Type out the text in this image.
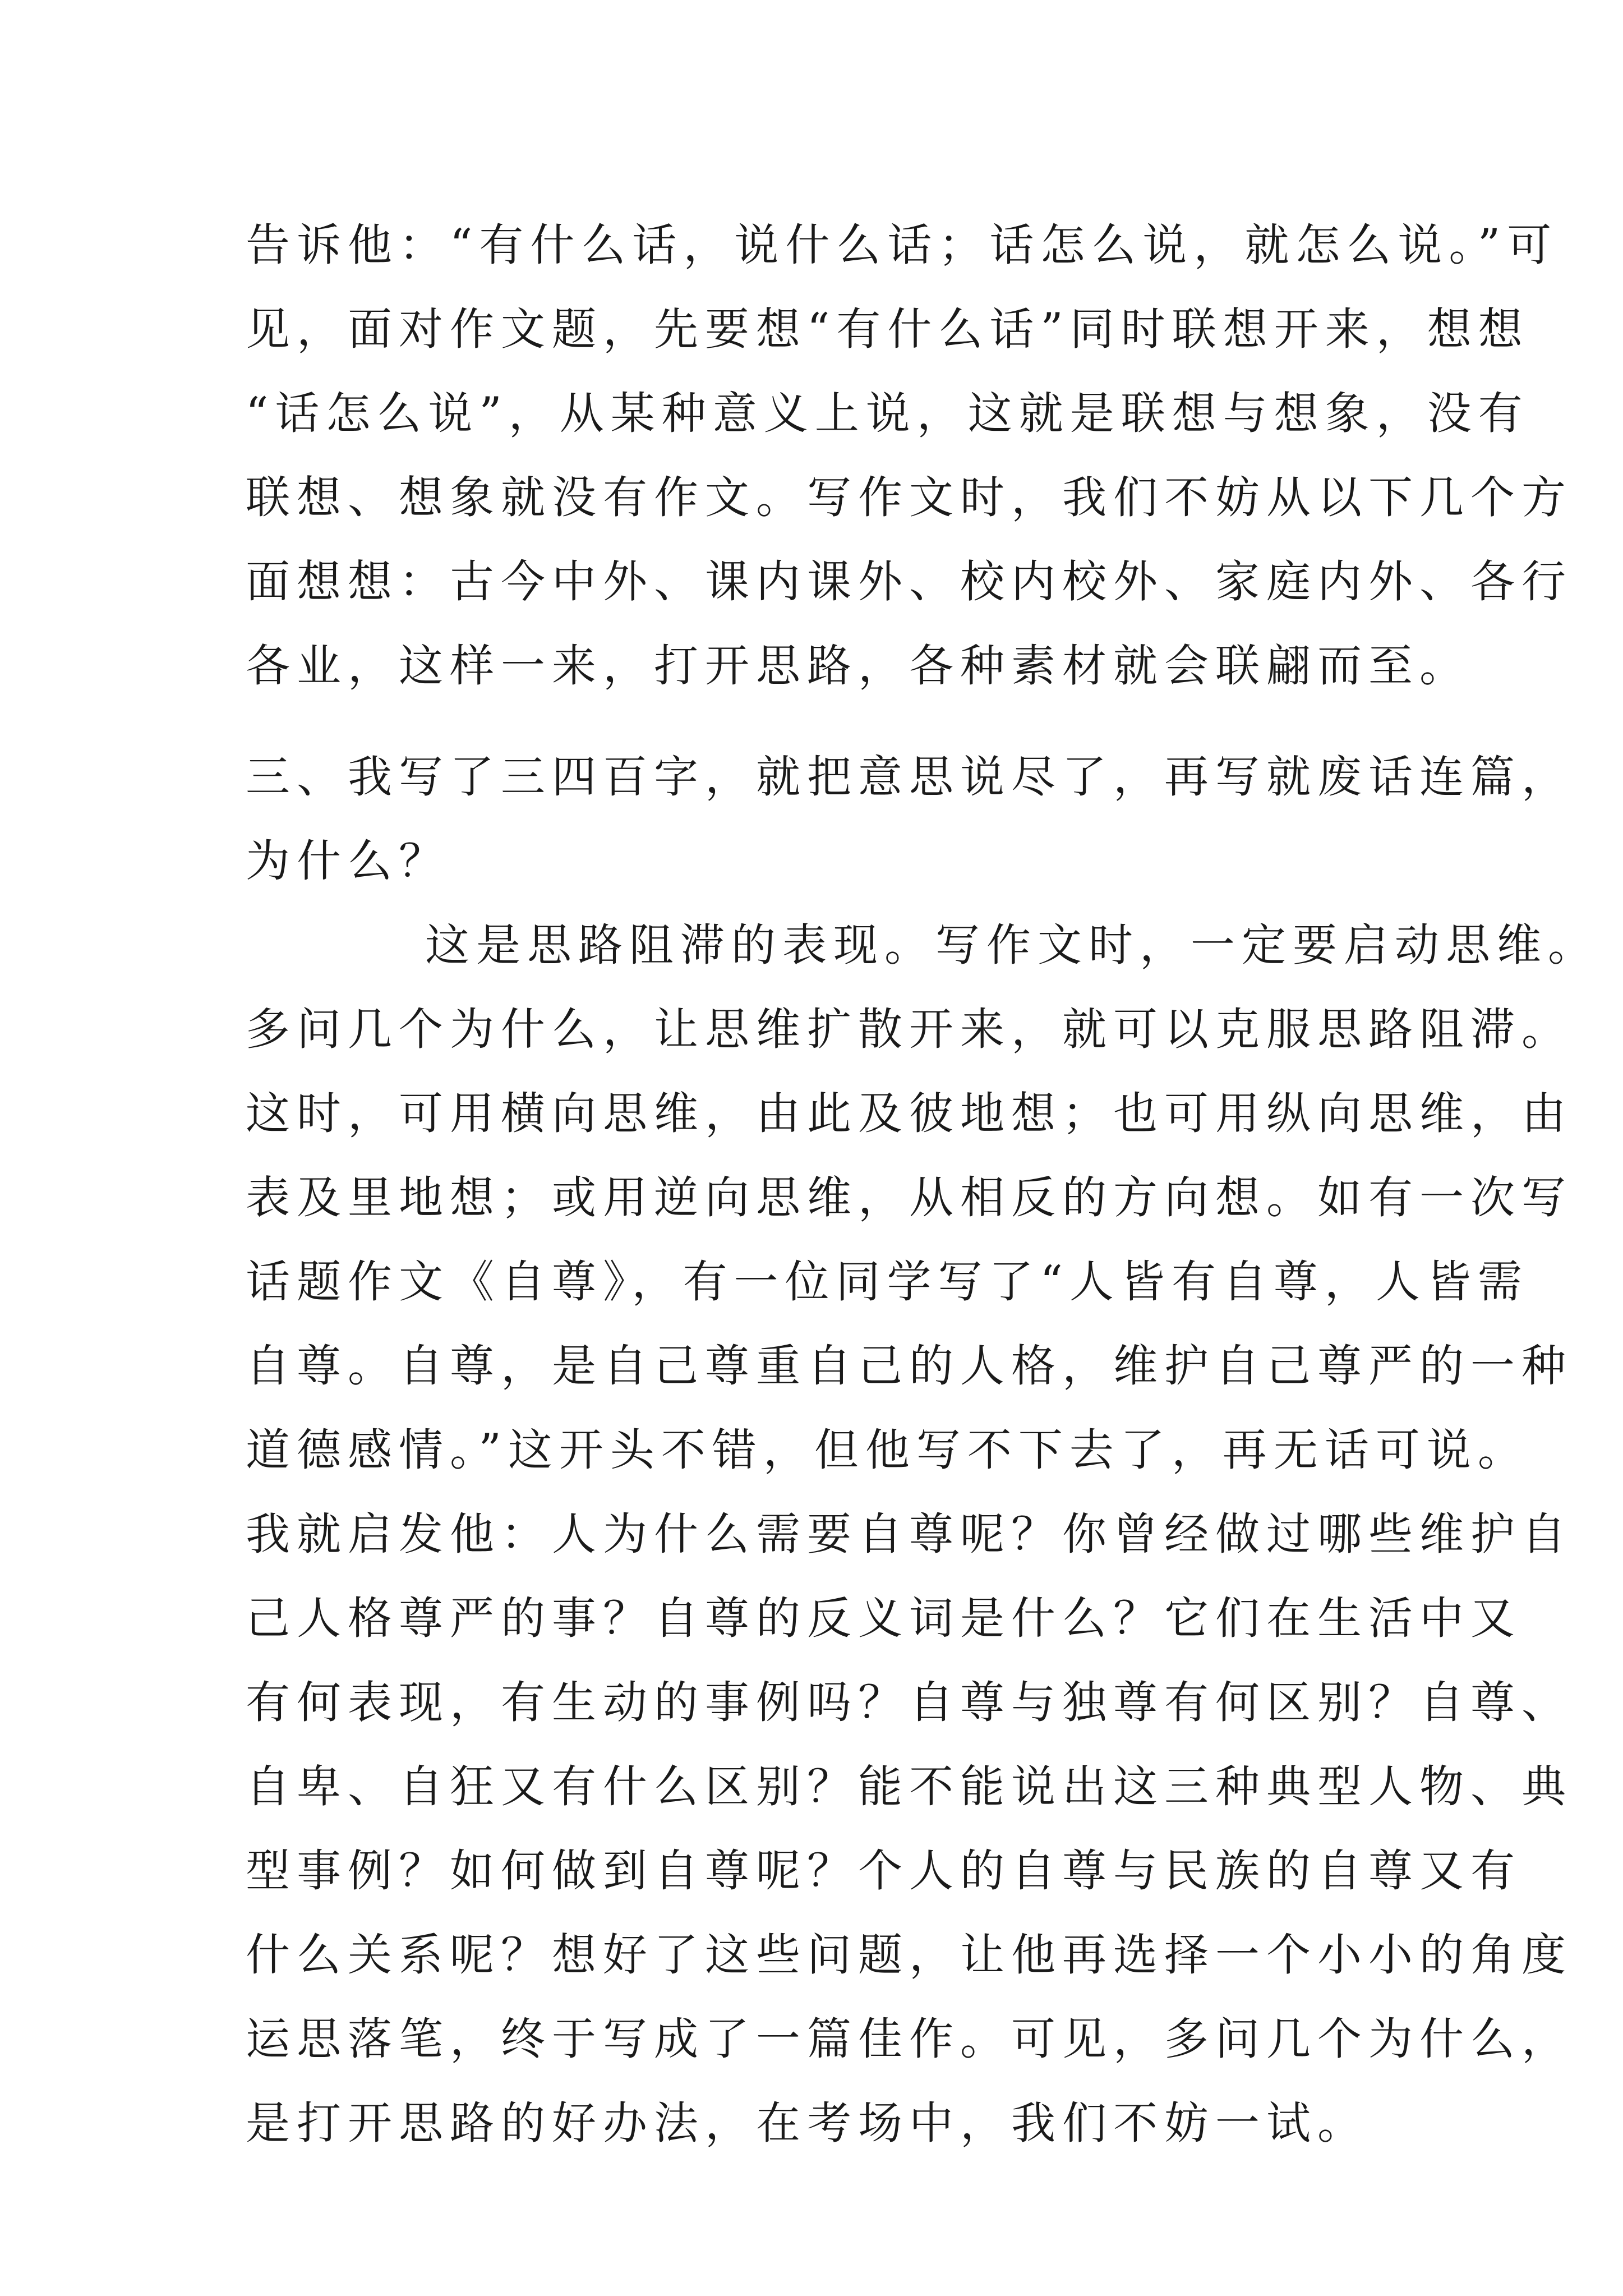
告诉他：“有什么话，说什么话；话怎么说，就怎么说。”可
见，面对作文题，先要想“有什么话”同时联想开来，想想
“话怎么说”，从某种意义上说，这就是联想与想象，没有
联想、想象就没有作文。写作文时，我们不妨从以下几个方
面想想：古今中外、课内课外、校内校外、家庭内外、各行
各业，这样一来，打开思路，各种素材就会联翩而至。
三、我写了三四百字，就把意思说尽了，再写就废话连篇，
为什么？
这是思路阻滞的表现。写作文时，一定要启动思维。
多问几个为什么，让思维扩散开来，就可以克服思路阻滞。
这时，可用横向思维，由此及彼地想；也可用纵向思维，由
表及里地想；或用逆向思维，从相反的方向想。如有一次写
话题作文《自尊》，有一位同学写了“人皆有自尊，人皆需
自尊。自尊，是自己尊重自己的人格，维护自己尊严的一种
道德感情。”这开头不错，但他写不下去了，再无话可说。
我就启发他：人为什么需要自尊呢？你曾经做过哪些维护自
己人格尊严的事？自尊的反义词是什么？它们在生活中又
有何表现，有生动的事例吗？自尊与独尊有何区别？自尊、
自卑、自狂又有什么区别？能不能说出这三种典型人物、典
型事例？如何做到自尊呢？个人的自尊与民族的自尊又有
什么关系呢？想好了这些问题，让他再选择一个小小的角度
运思落笔，终于写成了一篇佳作。可见，多问几个为什么，
是打开思路的好办法，在考场中，我们不妨一试。
